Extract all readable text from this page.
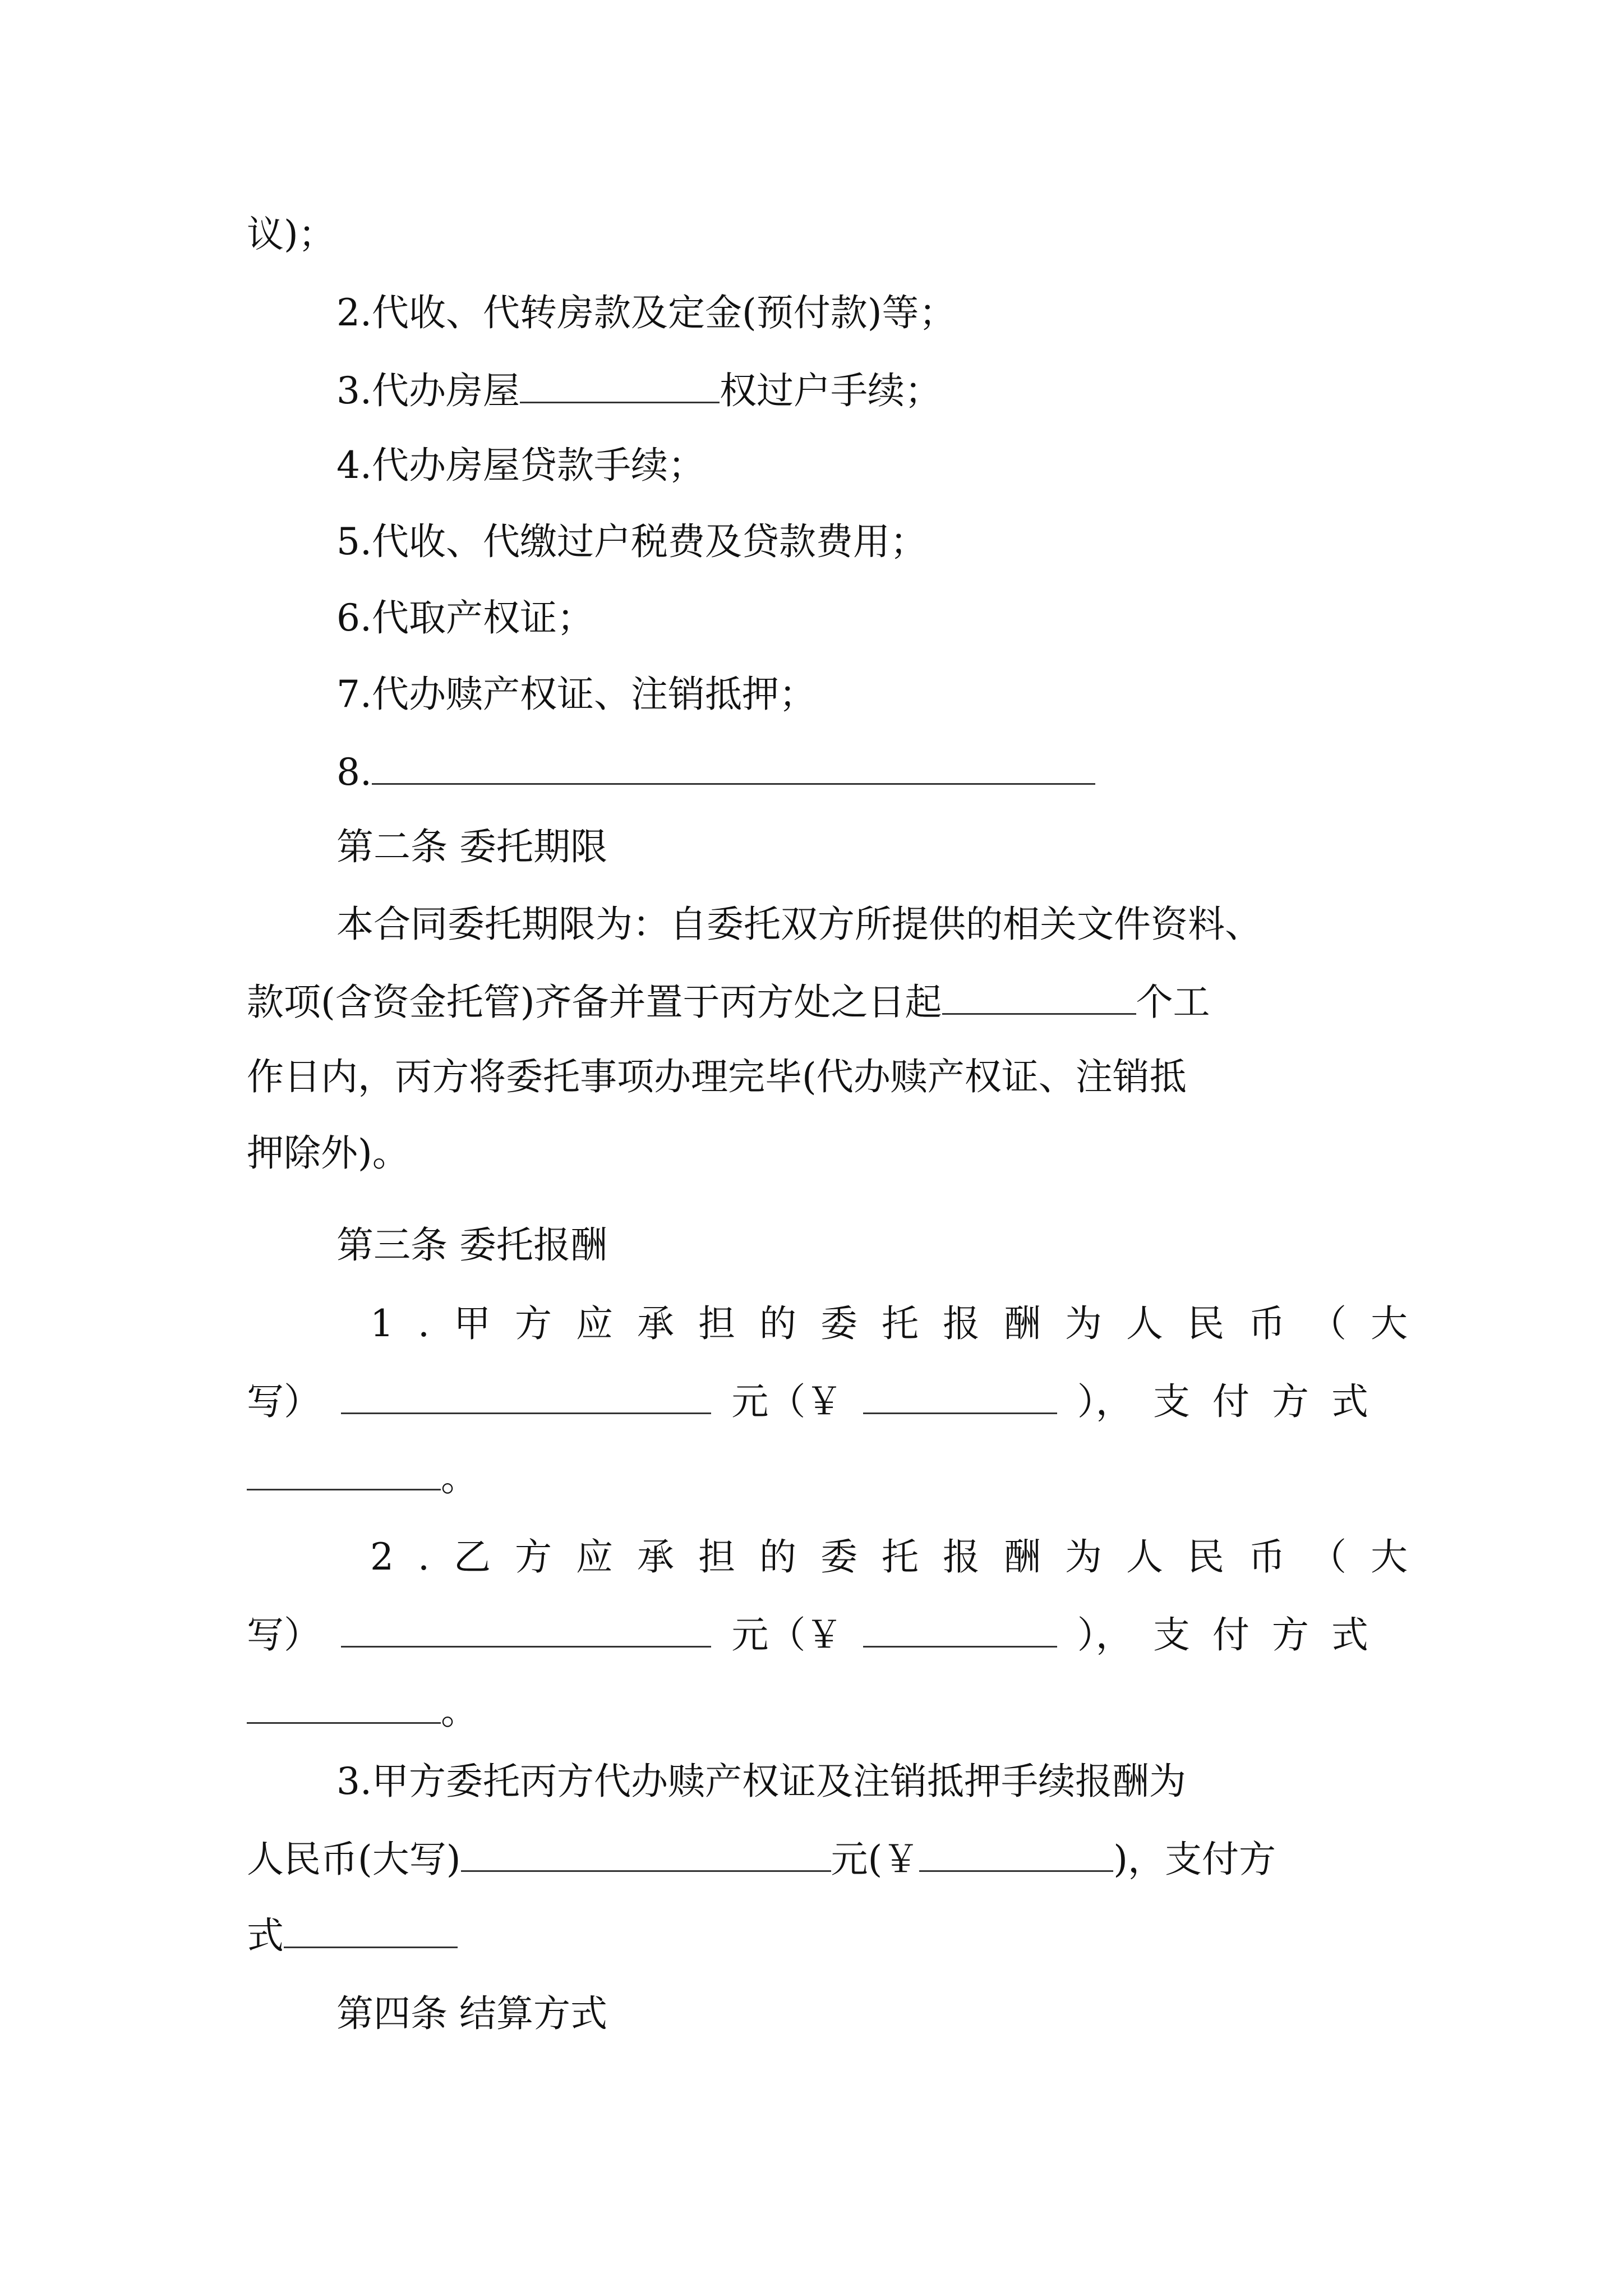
议)；
2.代收、代转房款及定金(预付款)等；
3.代办房屋	权过户手续；
4.代办房屋贷款手续；
5.代收、代缴过户税费及贷款费用；
6.代取产权证；
7.代办赎产权证、注销抵押；
8.
第二条 委托期限
本合同委托期限为：自委托双方所提供的相关文件资料、
款项(含资金托管)齐备并置于丙方处之日起	个工
作日内，丙方将委托事项办理完毕(代办赎产权证、注销抵
押除外)。
第三条 委托报酬
1.甲方应承担的委托报酬为人民币（大
写）	元（￥	）， 支付方式
。
2.乙方应承担的委托报酬为人民币（大
写）	元（￥	）， 支付方式
。
3.甲方委托丙方代办赎产权证及注销抵押手续报酬为
人民币(大写)	元(￥	)，支付方
式
第四条 结算方式
